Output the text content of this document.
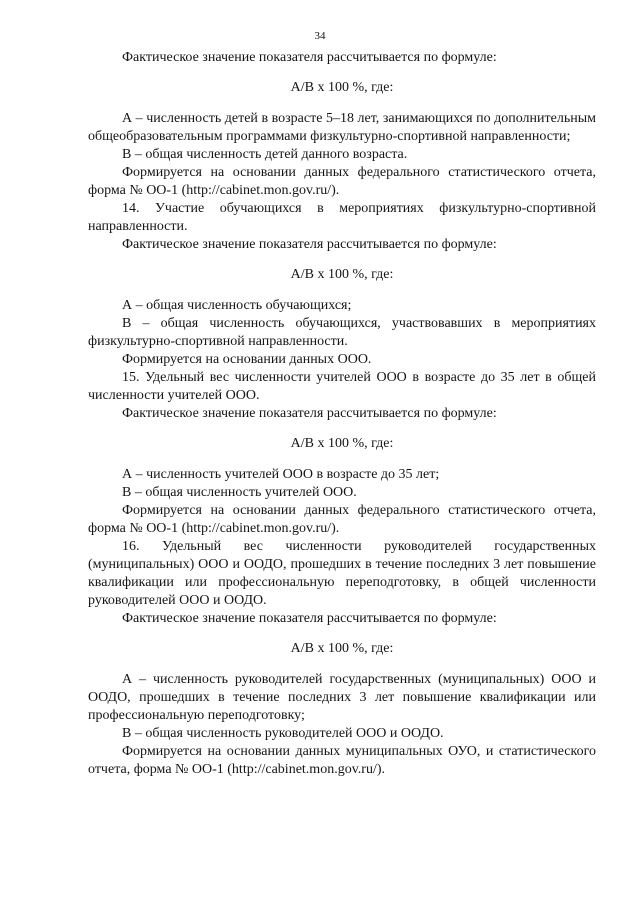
34

Фактическое значение показателя рассчитывается по формуле:

А/В х 100 %, где:

А – численность детей в возрасте 5–18 лет, занимающихся по дополнительным общеобразовательным программами физкультурно-спортивной направленности;

В – общая численность детей данного возраста.

Формируется на основании данных федерального статистического отчета, форма № ОО-1 (http://cabinet.mon.gov.ru/).

14. Участие обучающихся в мероприятиях физкультурно-спортивной направленности.

Фактическое значение показателя рассчитывается по формуле:

А/В х 100 %, где:

А – общая численность обучающихся;

В – общая численность обучающихся, участвовавших в мероприятиях физкультурно-спортивной направленности.

Формируется на основании данных ООО.

15. Удельный вес численности учителей ООО в возрасте до 35 лет в общей численности учителей ООО.

Фактическое значение показателя рассчитывается по формуле:

А/В х 100 %, где:

А – численность учителей ООО в возрасте до 35 лет;

В – общая численность учителей ООО.

Формируется на основании данных федерального статистического отчета, форма № ОО-1 (http://cabinet.mon.gov.ru/).

16. Удельный вес численности руководителей государственных (муниципальных) ООО и ООДО, прошедших в течение последних 3 лет повышение квалификации или профессиональную переподготовку, в общей численности руководителей ООО и ООДО.

Фактическое значение показателя рассчитывается по формуле:

А/В х 100 %, где:

А – численность руководителей государственных (муниципальных) ООО и ООДО, прошедших в течение последних 3 лет повышение квалификации или профессиональную переподготовку;

В – общая численность руководителей ООО и ООДО.

Формируется на основании данных муниципальных ОУО, и статистического отчета, форма № ОО-1 (http://cabinet.mon.gov.ru/).
